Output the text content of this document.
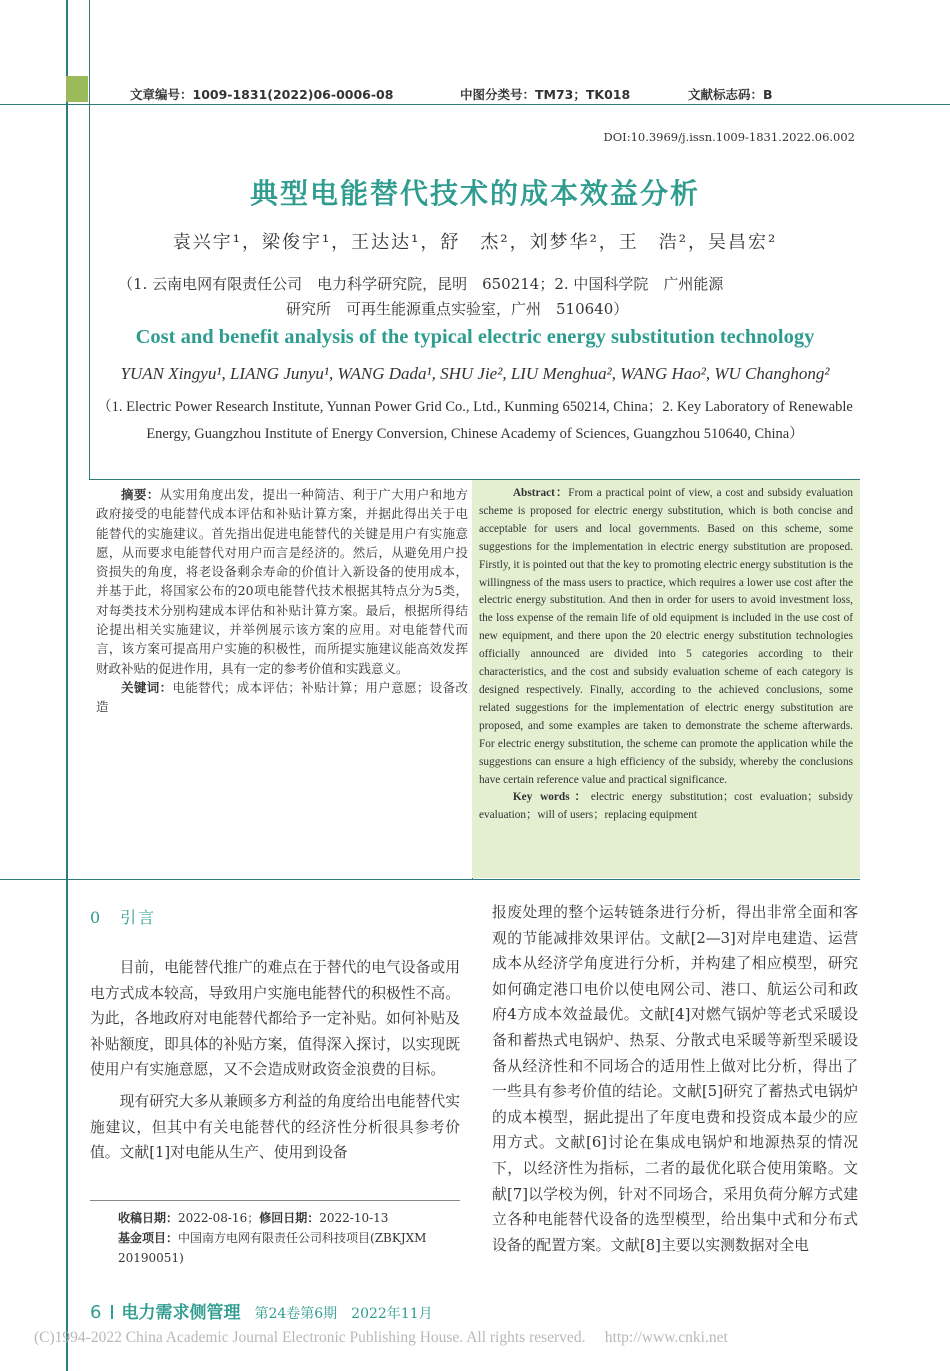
文章编号：1009-1831(2022)06-0006-08	中图分类号：TM73；TK018	文献标志码：B
DOI:10.3969/j.issn.1009-1831.2022.06.002
典型电能替代技术的成本效益分析
袁兴宇¹，梁俊宇¹，王达达¹，舒　杰²，刘梦华²，王　浩²，吴昌宏²
（1. 云南电网有限责任公司　电力科学研究院，昆明　650214；2. 中国科学院　广州能源
研究所　可再生能源重点实验室，广州　510640）
Cost and benefit analysis of the typical electric energy substitution technology
YUAN Xingyu¹, LIANG Junyu¹, WANG Dada¹, SHU Jie², LIU Menghua², WANG Hao², WU Changhong²
（1. Electric Power Research Institute, Yunnan Power Grid Co., Ltd., Kunming 650214, China；2. Key Laboratory of Renewable Energy, Guangzhou Institute of Energy Conversion, Chinese Academy of Sciences, Guangzhou 510640, China）

摘要：从实用角度出发，提出一种简洁、利于广大用户和地方政府接受的电能替代成本评估和补贴计算方案，并据此得出关于电能替代的实施建议。首先指出促进电能替代的关键是用户有实施意愿，从而要求电能替代对用户而言是经济的。然后，从避免用户投资损失的角度，将老设备剩余寿命的价值计入新设备的使用成本，并基于此，将国家公布的20项电能替代技术根据其特点分为5类，对每类技术分别构建成本评估和补贴计算方案。最后，根据所得结论提出相关实施建议，并举例展示该方案的应用。对电能替代而言，该方案可提高用户实施的积极性，而所提实施建议能高效发挥财政补贴的促进作用，具有一定的参考价值和实践意义。

关键词：电能替代；成本评估；补贴计算；用户意愿；设备改造

Abstract：From a practical point of view, a cost and subsidy evaluation scheme is proposed for electric energy substitution, which is both concise and acceptable for users and local governments. Based on this scheme, some suggestions for the implementation in electric energy substitution are proposed. Firstly, it is pointed out that the key to promoting electric energy substitution is the willingness of the mass users to practice, which requires a lower use cost after the electric energy substitution. And then in order for users to avoid investment loss, the loss expense of the remain life of old equipment is included in the use cost of new equipment, and there upon the 20 electric energy substitution technologies officially announced are divided into 5 categories according to their characteristics, and the cost and subsidy evaluation scheme of each category is designed respectively. Finally, according to the achieved conclusions, some related suggestions for the implementation of electric energy substitution are proposed, and some examples are taken to demonstrate the scheme afterwards. For electric energy substitution, the scheme can promote the application while the suggestions can ensure a high efficiency of the subsidy, whereby the conclusions have certain reference value and practical significance.

Key words：electric energy substitution；cost evaluation；subsidy evaluation；will of users；replacing equipment

0　引言

目前，电能替代推广的难点在于替代的电气设备或用电方式成本较高，导致用户实施电能替代的积极性不高。为此，各地政府对电能替代都给予一定补贴。如何补贴及补贴额度，即具体的补贴方案，值得深入探讨，以实现既使用户有实施意愿，又不会造成财政资金浪费的目标。

现有研究大多从兼顾多方利益的角度给出电能替代实施建议，但其中有关电能替代的经济性分析很具参考价值。文献[1]对电能从生产、使用到设备

报废处理的整个运转链条进行分析，得出非常全面和客观的节能减排效果评估。文献[2—3]对岸电建造、运营成本从经济学角度进行分析，并构建了相应模型，研究如何确定港口电价以使电网公司、港口、航运公司和政府4方成本效益最优。文献[4]对燃气锅炉等老式采暖设备和蓄热式电锅炉、热泵、分散式电采暖等新型采暖设备从经济性和不同场合的适用性上做对比分析，得出了一些具有参考价值的结论。文献[5]研究了蓄热式电锅炉的成本模型，据此提出了年度电费和投资成本最少的应用方式。文献[6]讨论在集成电锅炉和地源热泵的情况下，以经济性为指标，二者的最优化联合使用策略。文献[7]以学校为例，针对不同场合，采用负荷分解方式建立各种电能替代设备的选型模型，给出集中式和分布式设备的配置方案。文献[8]主要以实测数据对全电

收稿日期：2022-08-16；修回日期：2022-10-13
基金项目：中国南方电网有限责任公司科技项目(ZBKJXM
20190051)
6 电力需求侧管理 第24卷第6期　2022年11月
(C)1994-2022 China Academic Journal Electronic Publishing House. All rights reserved.　 http://www.cnki.net
